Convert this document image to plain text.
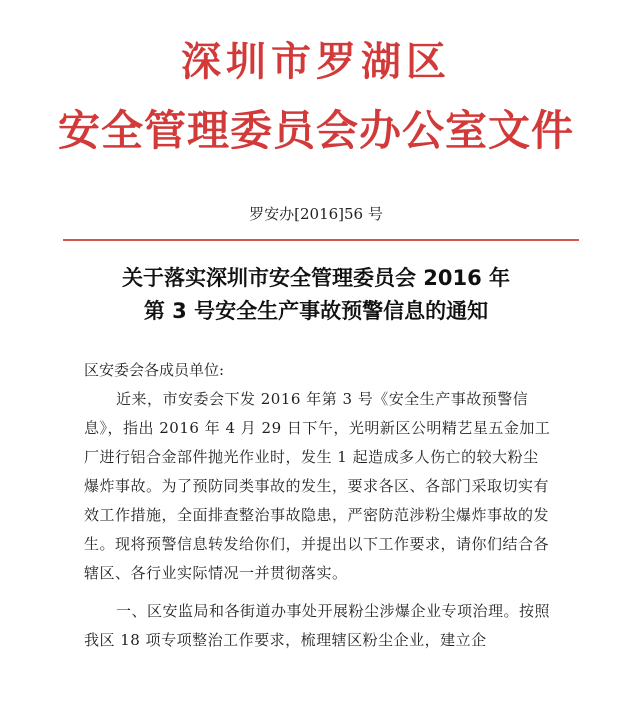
深圳市罗湖区
安全管理委员会办公室文件
罗安办[2016]56 号
关于落实深圳市安全管理委员会 2016 年
第 3 号安全生产事故预警信息的通知
区安委会各成员单位:
近来，市安委会下发 2016 年第 3 号《安全生产事故预警信息》，指出 2016 年 4 月 29 日下午，光明新区公明精艺星五金加工厂进行铝合金部件抛光作业时，发生 1 起造成多人伤亡的较大粉尘爆炸事故。为了预防同类事故的发生，要求各区、各部门采取切实有效工作措施，全面排查整治事故隐患，严密防范涉粉尘爆炸事故的发生。现将预警信息转发给你们，并提出以下工作要求，请你们结合各辖区、各行业实际情况一并贯彻落实。
一、区安监局和各街道办事处开展粉尘涉爆企业专项治理。按照我区 18 项专项整治工作要求，梳理辖区粉尘企业，建立企
